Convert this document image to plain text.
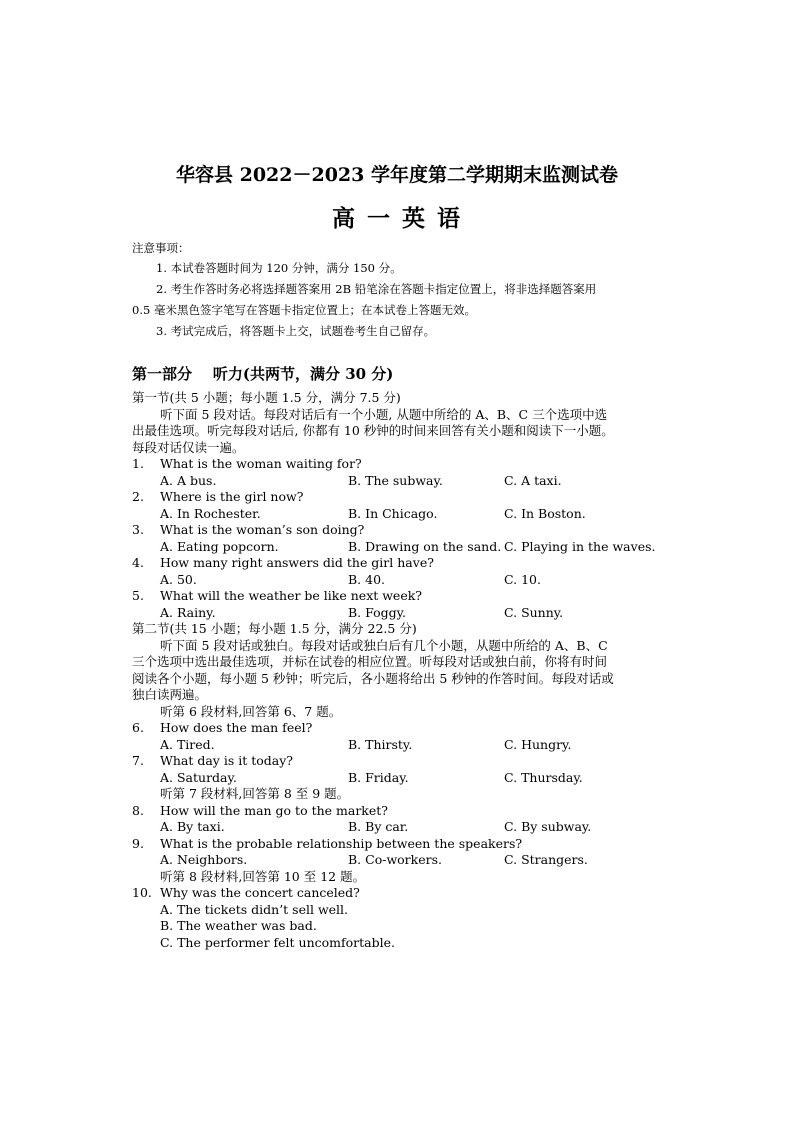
华容县 2022－2023 学年度第二学期期末监测试卷
高 一 英 语
注意事项：
1. 本试卷答题时间为 120 分钟，满分 150 分。
2. 考生作答时务必将选择题答案用 2B 铅笔涂在答题卡指定位置上，将非选择题答案用
0.5 毫米黑色签字笔写在答题卡指定位置上；在本试卷上答题无效。
3. 考试完成后，将答题卡上交，试题卷考生自己留存。
第一部分    听力(共两节，满分 30 分)
第一节(共 5 小题；每小题 1.5 分，满分 7.5 分)
听下面 5 段对话。每段对话后有一个小题, 从题中所给的 A、B、C 三个选项中选
出最佳选项。听完每段对话后, 你都有 10 秒钟的时间来回答有关小题和阅读下一小题。
每段对话仅读一遍。
1.	What is the woman waiting for?
A. A bus.	B. The subway.	C. A taxi.
2.	Where is the girl now?
A. In Rochester.	B. In Chicago.	C. In Boston.
3.	What is the woman’s son doing?
A. Eating popcorn.	B. Drawing on the sand. C. Playing in the waves.
4.	How many right answers did the girl have?
A. 50.	B. 40.	C. 10.
5.	What will the weather be like next week?
A. Rainy.	B. Foggy.	C. Sunny.
第二节(共 15 小题；每小题 1.5 分，满分 22.5 分)
听下面 5 段对话或独白。每段对话或独白后有几个小题，从题中所给的 A、B、C
三个选项中选出最佳选项，并标在试卷的相应位置。听每段对话或独白前，你将有时间
阅读各个小题，每小题 5 秒钟；听完后，各小题将给出 5 秒钟的作答时间。每段对话或
独白读两遍。
听第 6 段材料,回答第 6、7 题。
6.	How does the man feel?
A. Tired.	B. Thirsty.	C. Hungry.
7.	What day is it today?
A. Saturday.	B. Friday.	C. Thursday.
听第 7 段材料,回答第 8 至 9 题。
8.	How will the man go to the market?
A. By taxi.	B. By car.	C. By subway.
9.	What is the probable relationship between the speakers?
A. Neighbors.	B. Co-workers.	C. Strangers.
听第 8 段材料,回答第 10 至 12 题。
10. Why was the concert canceled?
A. The tickets didn’t sell well.
B. The weather was bad.
C. The performer felt uncomfortable.
